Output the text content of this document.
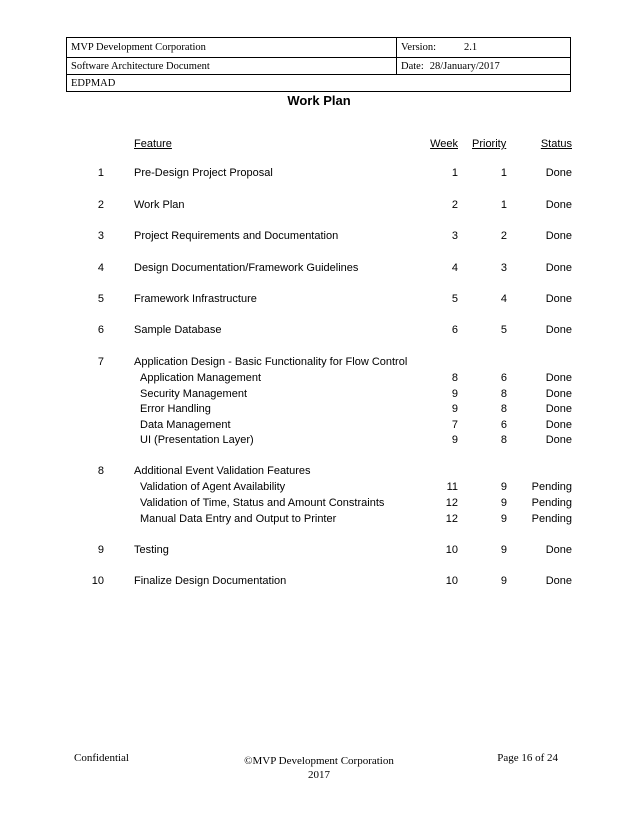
MVP Development Corporation	Version:	2.1
Software Architecture Document	Date: 28/January/2017
EDPMAD
Work Plan
Feature	Week Priority	Status
1	Pre-Design Project Proposal	1	1	Done
2	Work Plan	2	1	Done
3	Project Requirements and Documentation	3	2	Done
4	Design Documentation/Framework Guidelines	4	3	Done
5	Framework Infrastructure	5	4	Done
6	Sample Database	6	5	Done
7	Application Design - Basic Functionality for Flow Control
Application Management	8	6	Done
Security Management	9	8	Done
Error Handling	9	8	Done
Data Management	7	6	Done
UI (Presentation Layer)	9	8	Done
8	Additional Event Validation Features
Validation of Agent Availability	11	9	Pending
Validation of Time, Status and Amount Constraints	12	9	Pending
Manual Data Entry and Output to Printer	12	9	Pending
9	Testing	10	9	Done
10	Finalize Design Documentation	10	9	Done
Confidential	©MVP Development Corporation
2017
Page 16 of 24
